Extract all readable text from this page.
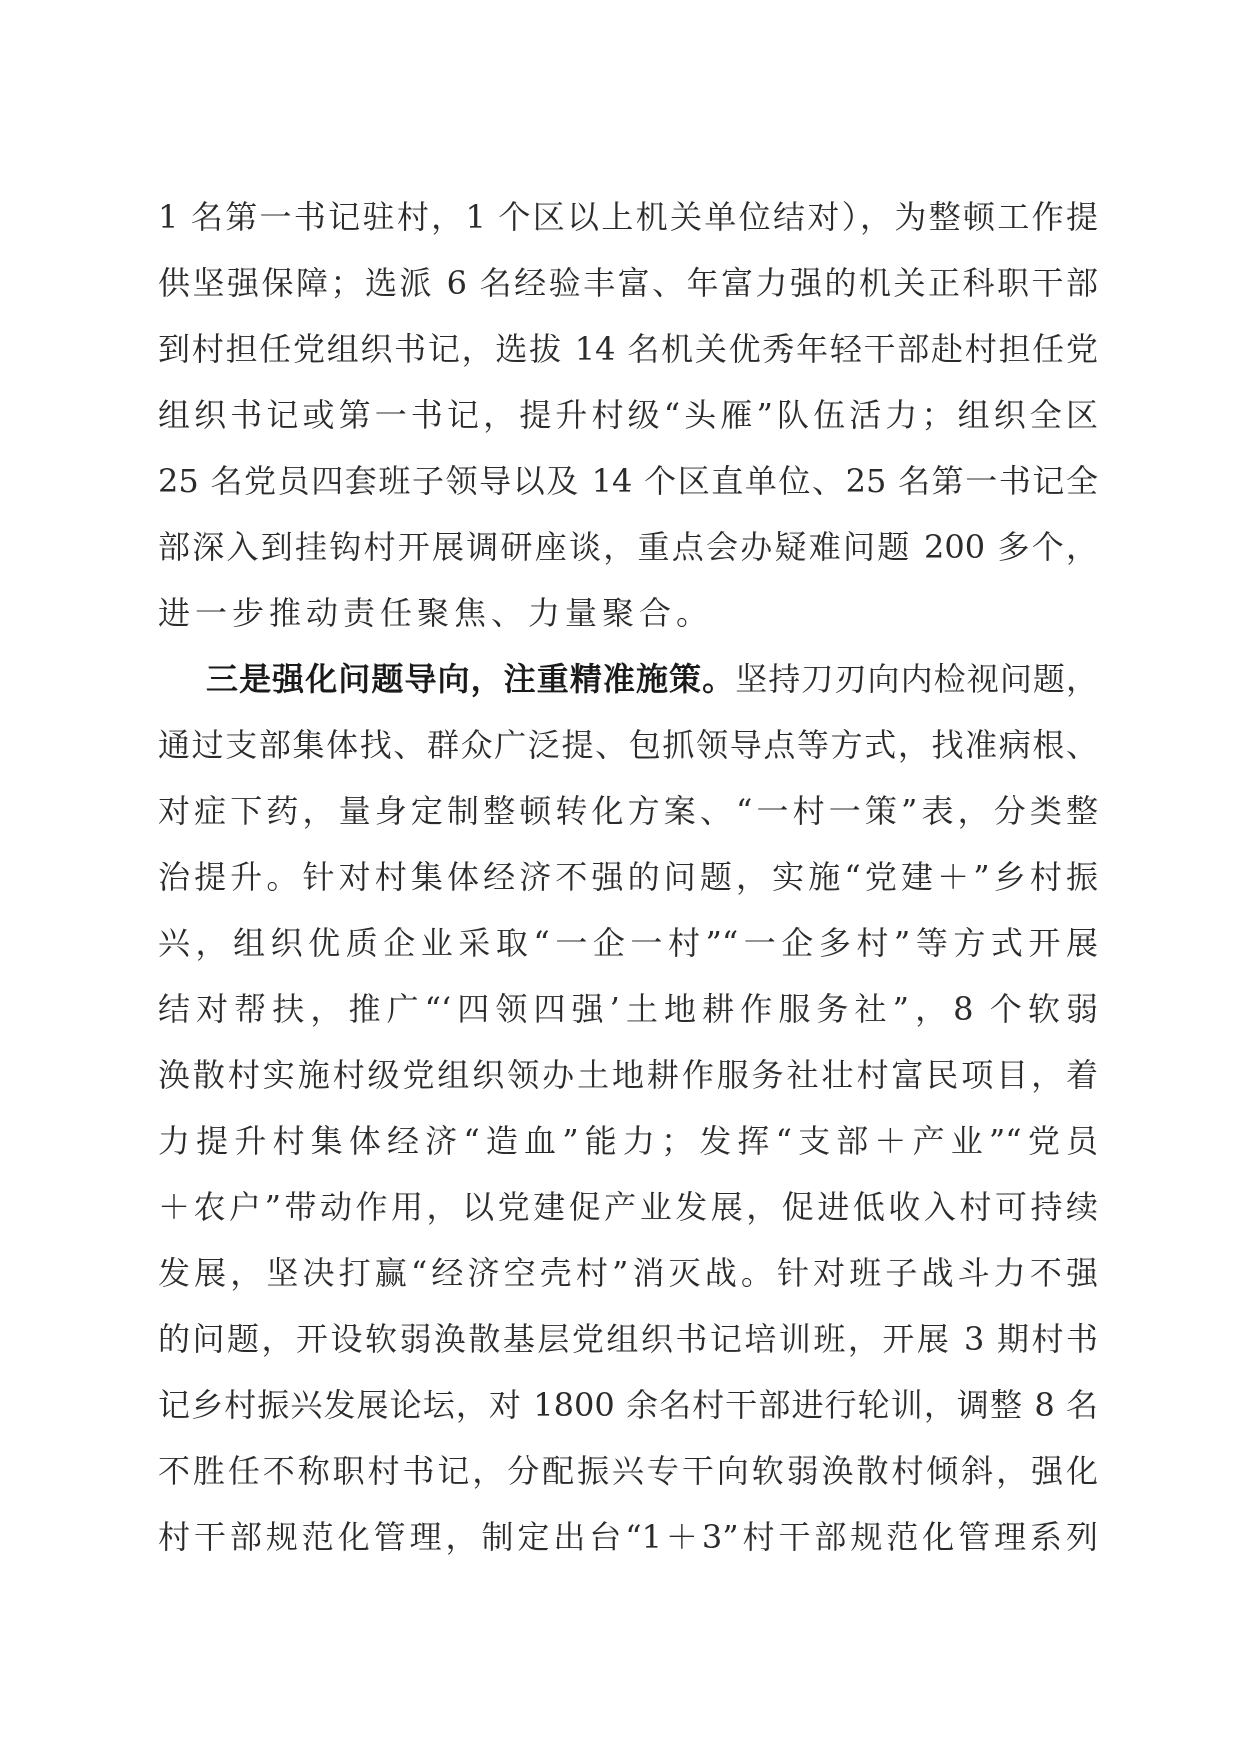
1 名第一书记驻村，1 个区以上机关单位结对），为整顿工作提
供坚强保障；选派 6 名经验丰富、年富力强的机关正科职干部
到村担任党组织书记，选拔 14 名机关优秀年轻干部赴村担任党
组织书记或第一书记，提升村级“头雁”队伍活力；组织全区
25 名党员四套班子领导以及 14 个区直单位、25 名第一书记全
部深入到挂钩村开展调研座谈，重点会办疑难问题 200 多个，
进一步推动责任聚焦、力量聚合。
三是强化问题导向，注重精准施策。坚持刀刃向内检视问题，
通过支部集体找、群众广泛提、包抓领导点等方式，找准病根、
对症下药，量身定制整顿转化方案、“一村一策”表，分类整
治提升。针对村集体经济不强的问题，实施“党建＋”乡村振
兴，组织优质企业采取“一企一村”“一企多村”等方式开展
结对帮扶，推广“‘四领四强’土地耕作服务社”，8 个软弱
涣散村实施村级党组织领办土地耕作服务社壮村富民项目，着
力提升村集体经济“造血”能力；发挥“支部＋产业”“党员
＋农户”带动作用，以党建促产业发展，促进低收入村可持续
发展，坚决打赢“经济空壳村”消灭战。针对班子战斗力不强
的问题，开设软弱涣散基层党组织书记培训班，开展 3 期村书
记乡村振兴发展论坛，对 1800 余名村干部进行轮训，调整 8 名
不胜任不称职村书记，分配振兴专干向软弱涣散村倾斜，强化
村干部规范化管理，制定出台“1＋3”村干部规范化管理系列
